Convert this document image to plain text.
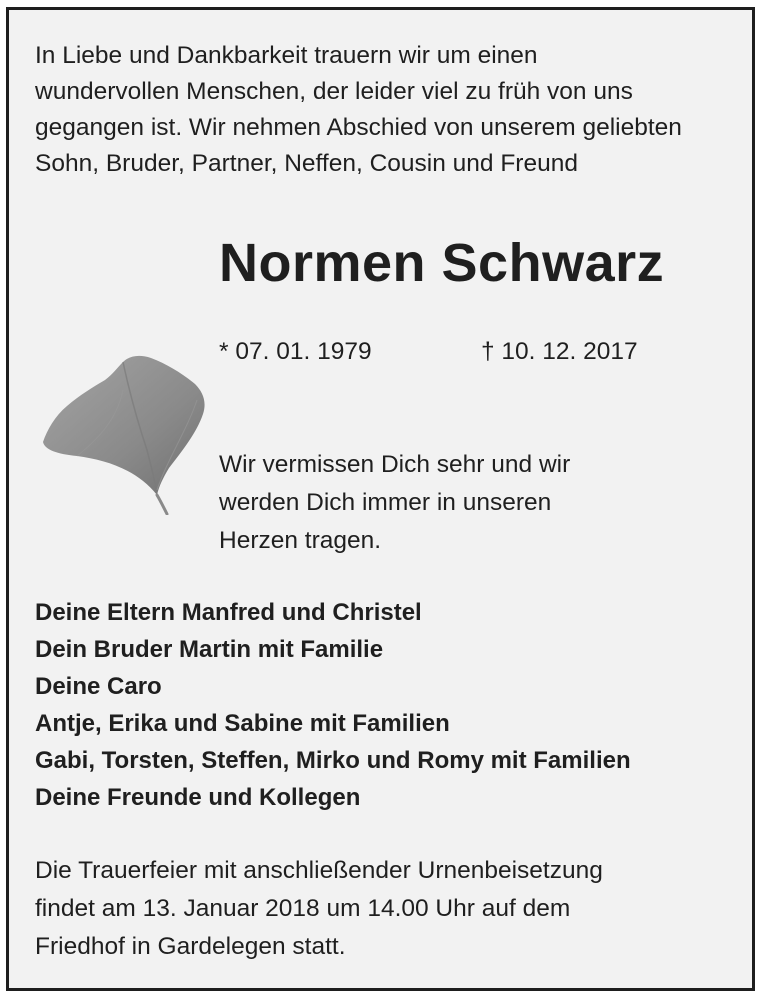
In Liebe und Dankbarkeit trauern wir um einen
wundervollen Menschen, der leider viel zu früh von uns
gegangen ist. Wir nehmen Abschied von unserem geliebten
Sohn, Bruder, Partner, Neffen, Cousin und Freund
Normen Schwarz
* 07. 01. 1979	† 10. 12. 2017
Wir vermissen Dich sehr und wir
werden Dich immer in unseren
Herzen tragen.
Deine Eltern Manfred und Christel
Dein Bruder Martin mit Familie
Deine Caro
Antje, Erika und Sabine mit Familien
Gabi, Torsten, Steffen, Mirko und Romy mit Familien
Deine Freunde und Kollegen
Die Trauerfeier mit anschließender Urnenbeisetzung
findet am 13. Januar 2018 um 14.00 Uhr auf dem
Friedhof in Gardelegen statt.
